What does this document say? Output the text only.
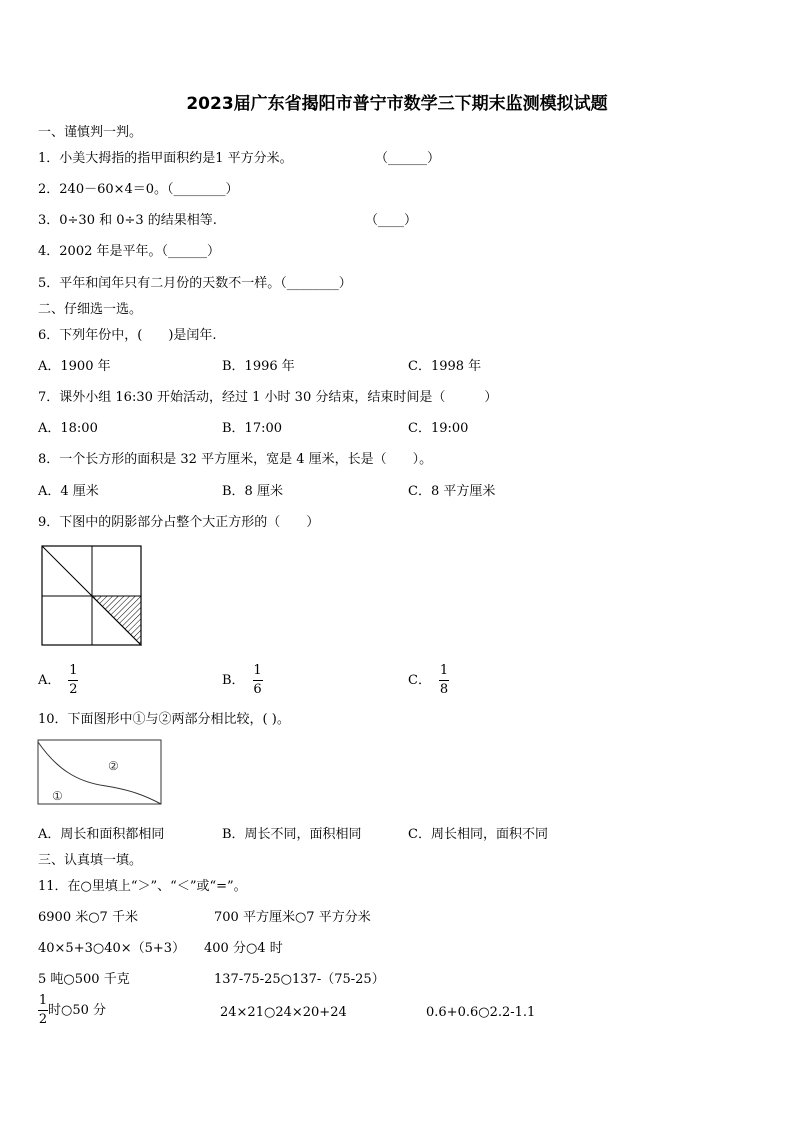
2023届广东省揭阳市普宁市数学三下期末监测模拟试题
一、谨慎判一判。
1．小美大拇指的指甲面积约是1 平方分米。	（______）
2．240－60×4＝0。（________）
3．0÷30 和 0÷3 的结果相等.	（____）
4．2002 年是平年。（______）
5．平年和闰年只有二月份的天数不一样。（________）
二、仔细选一选。
6．下列年份中，(　　)是闰年.
A．1900 年	B．1996 年	C．1998 年
7．课外小组 16:30 开始活动，经过 1 小时 30 分结束，结束时间是（　　　）
A．18:00	B．17:00	C．19:00
8．一个长方形的面积是 32 平方厘米，宽是 4 厘米，长是（　　）。
A．4 厘米	B．8 厘米	C．8 平方厘米
9．下图中的阴影部分占整个大正方形的（　　）
A． $\frac{1}{2}$	B． $\frac{1}{6}$	C． $\frac{1}{8}$
10．下面图形中①与②两部分相比较，( )。
①
②
A．周长和面积都相同	B．周长不同，面积相同	C．周长相同，面积不同
三、认真填一填。
11．在○里填上“＞”、“＜”或“=”。
6900 米○7 千米	700 平方厘米○7 平方分米
40×5+3○40×（5+3） 400 分○4 时
5 吨○500 千克	137-75-25○137-（75-25）
$\frac{1}{2}$ 时○50 分	24×21○24×20+24	0.6+0.6○2.2-1.1
